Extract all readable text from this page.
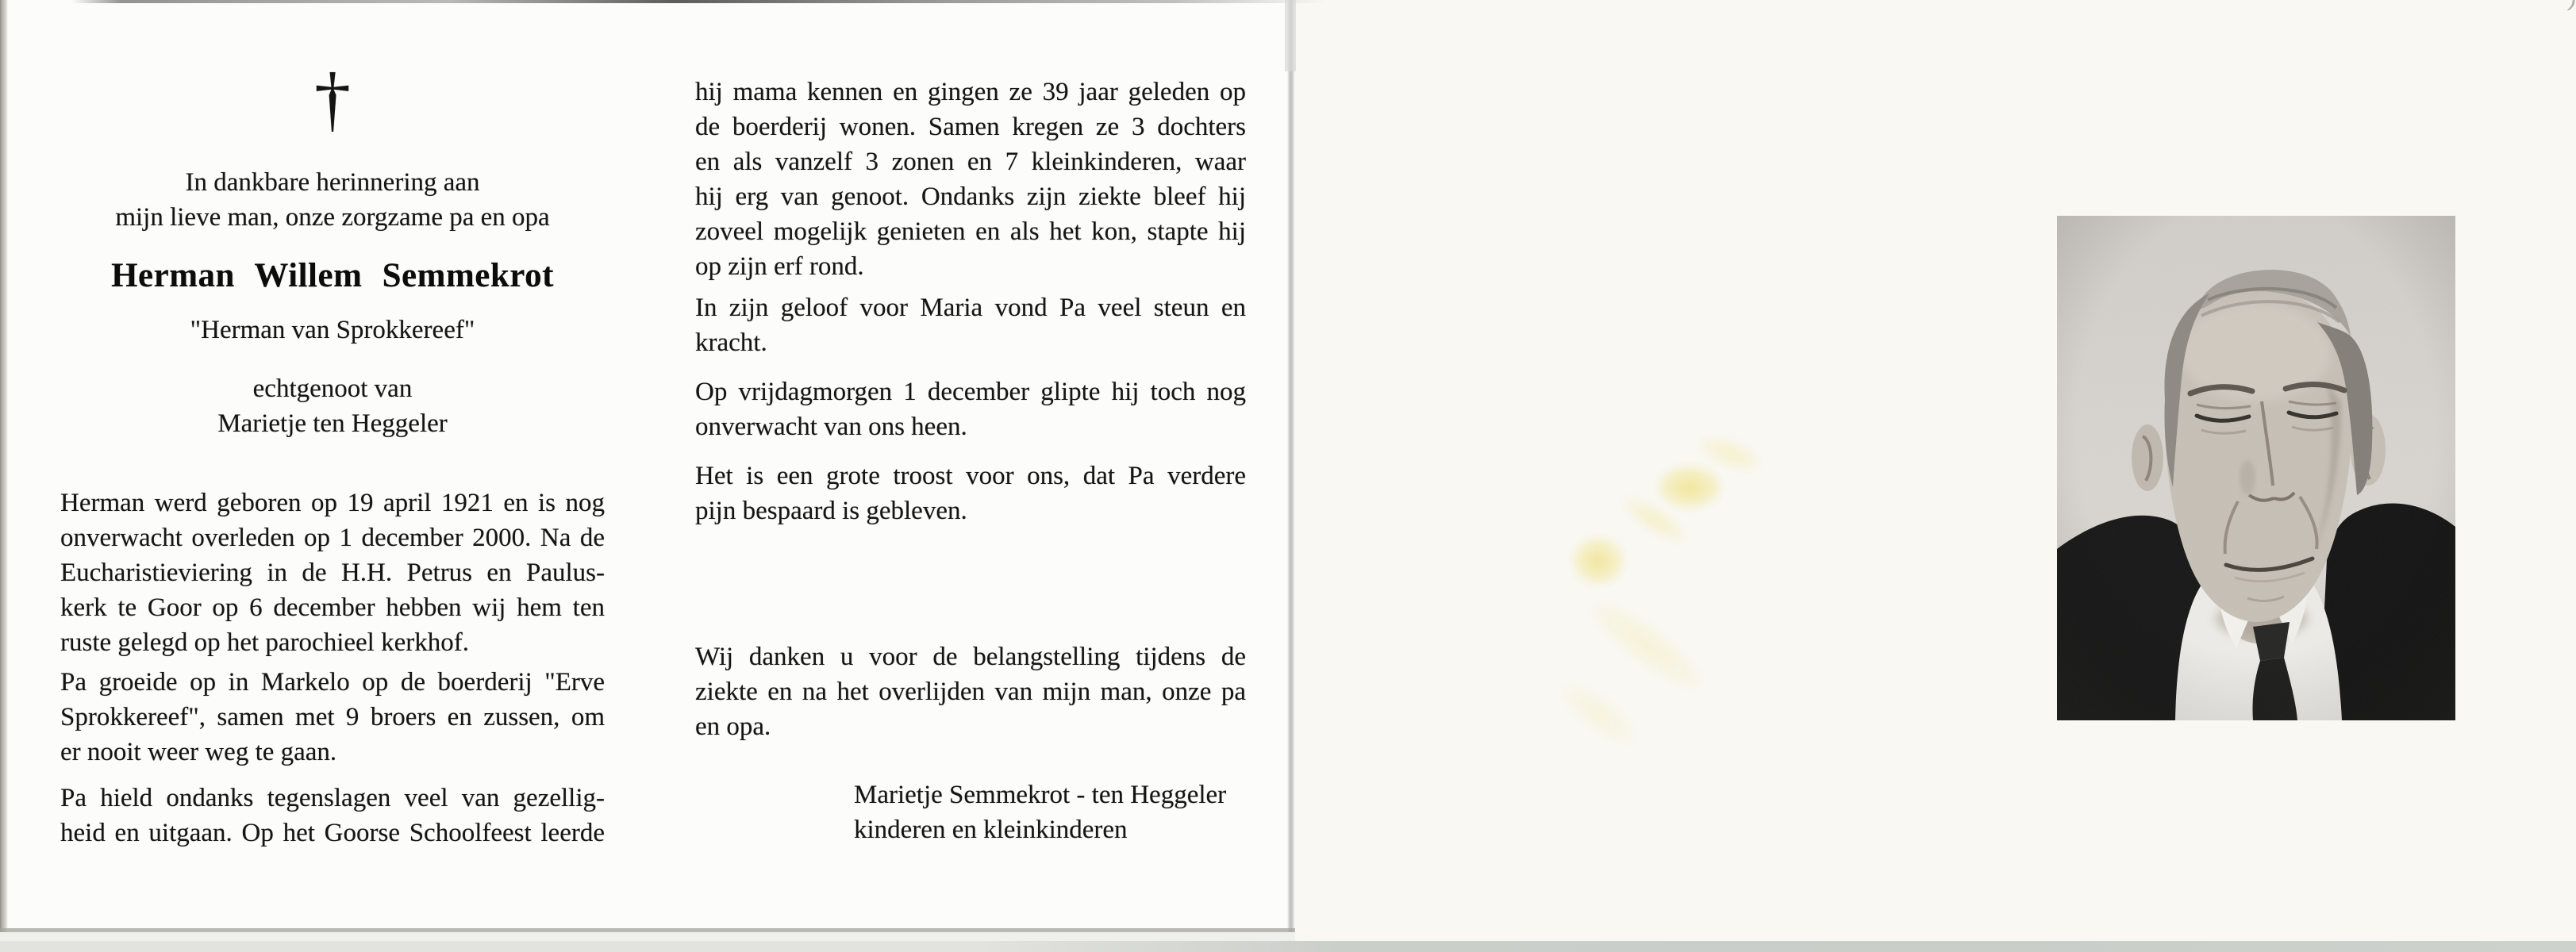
†
In dankbare herinnering aan
mijn lieve man, onze zorgzame pa en opa
Herman Willem Semmekrot
"Herman van Sprokkereef"
echtgenoot van
Marietje ten Heggeler
Herman werd geboren op 19 april 1921 en is nog
onverwacht overleden op 1 december 2000. Na de
Eucharistieviering in de H.H. Petrus en Paulus-
kerk te Goor op 6 december hebben wij hem ten
ruste gelegd op het parochieel kerkhof.
Pa groeide op in Markelo op de boerderij "Erve
Sprokkereef", samen met 9 broers en zussen, om
er nooit weer weg te gaan.
Pa hield ondanks tegenslagen veel van gezellig-
heid en uitgaan. Op het Goorse Schoolfeest leerde
hij mama kennen en gingen ze 39 jaar geleden op
de boerderij wonen. Samen kregen ze 3 dochters
en als vanzelf 3 zonen en 7 kleinkinderen, waar
hij erg van genoot. Ondanks zijn ziekte bleef hij
zoveel mogelijk genieten en als het kon, stapte hij
op zijn erf rond.
In zijn geloof voor Maria vond Pa veel steun en
kracht.
Op vrijdagmorgen 1 december glipte hij toch nog
onverwacht van ons heen.
Het is een grote troost voor ons, dat Pa verdere
pijn bespaard is gebleven.
Wij danken u voor de belangstelling tijdens de
ziekte en na het overlijden van mijn man, onze pa
en opa.
Marietje Semmekrot - ten Heggeler
kinderen en kleinkinderen
